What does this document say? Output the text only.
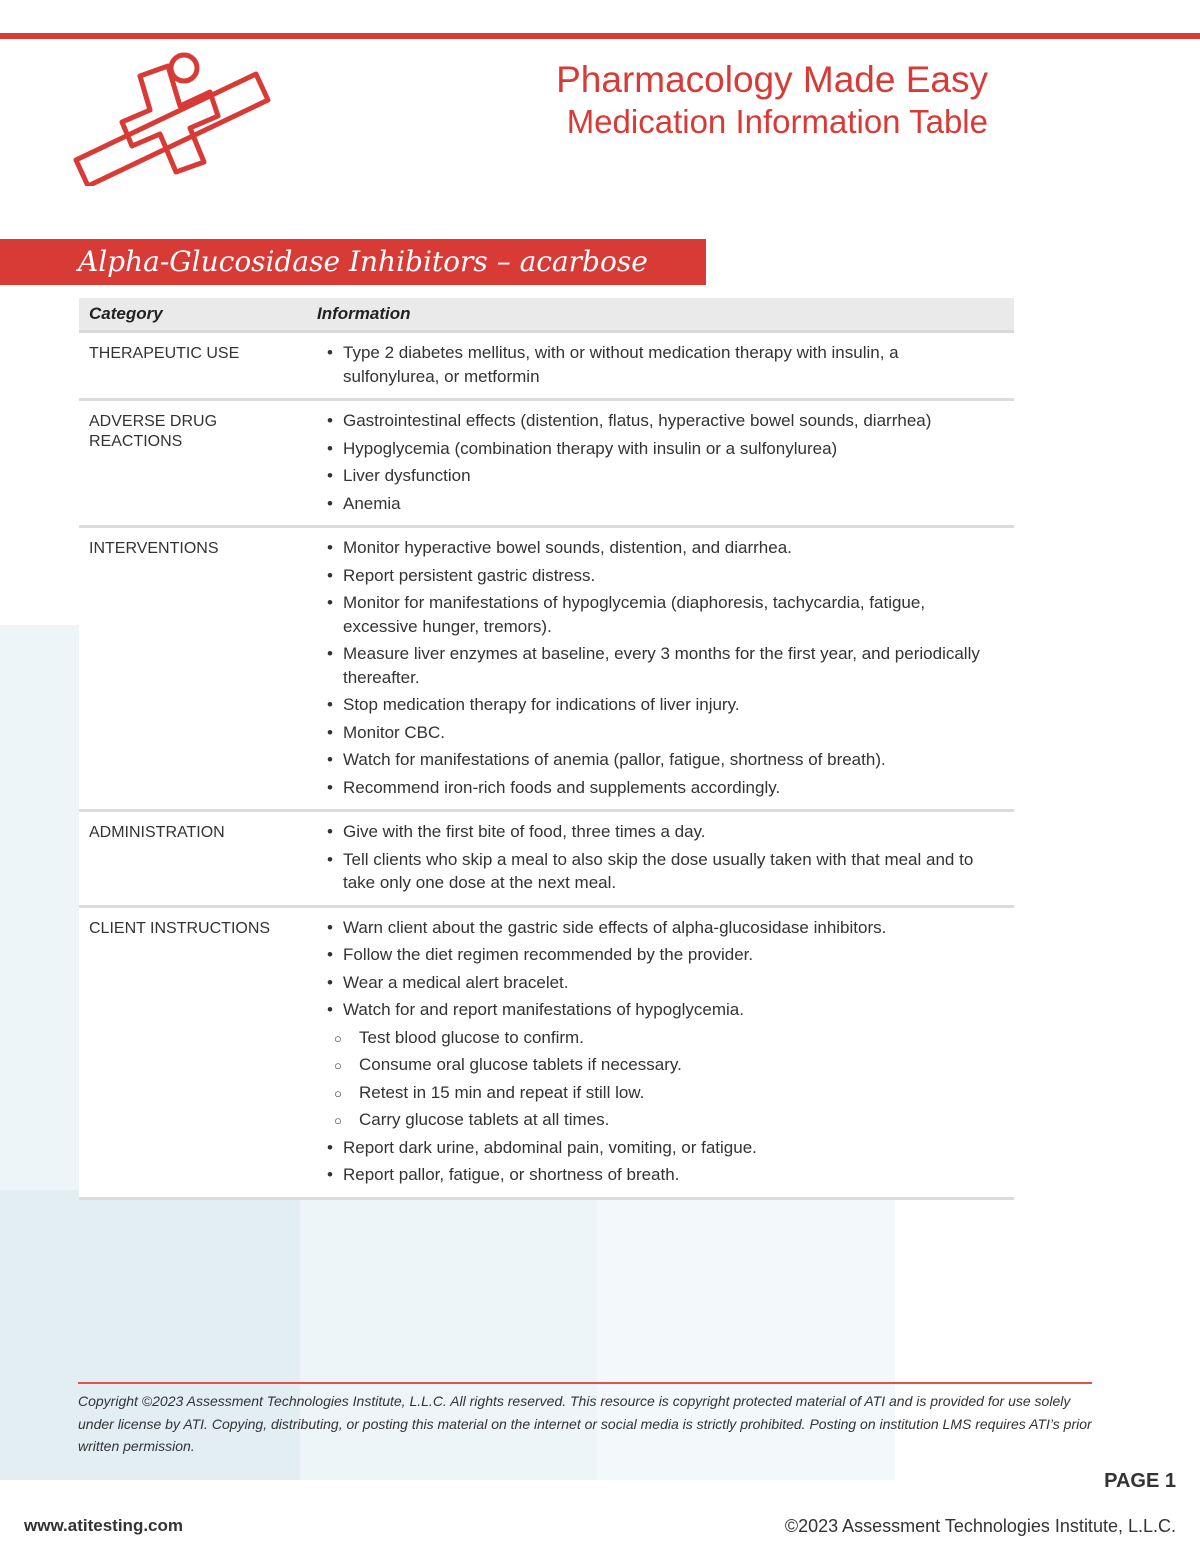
Pharmacology Made Easy
Medication Information Table
Alpha-Glucosidase Inhibitors – acarbose
Category	Information
THERAPEUTIC USE	• Type 2 diabetes mellitus, with or without medication therapy with insulin, a sulfonylurea, or metformin
ADVERSE DRUG REACTIONS
• Gastrointestinal effects (distention, flatus, hyperactive bowel sounds, diarrhea)
• Hypoglycemia (combination therapy with insulin or a sulfonylurea)
• Liver dysfunction
• Anemia
INTERVENTIONS	• Monitor hyperactive bowel sounds, distention, and diarrhea.
• Report persistent gastric distress.
• Monitor for manifestations of hypoglycemia (diaphoresis, tachycardia, fatigue, excessive hunger, tremors).
• Measure liver enzymes at baseline, every 3 months for the first year, and periodically thereafter.
• Stop medication therapy for indications of liver injury.
• Monitor CBC.
• Watch for manifestations of anemia (pallor, fatigue, shortness of breath).
• Recommend iron-rich foods and supplements accordingly.
ADMINISTRATION	• Give with the first bite of food, three times a day.
• Tell clients who skip a meal to also skip the dose usually taken with that meal and to take only one dose at the next meal.
CLIENT INSTRUCTIONS	• Warn client about the gastric side effects of alpha-glucosidase inhibitors.
• Follow the diet regimen recommended by the provider.
• Wear a medical alert bracelet.
• Watch for and report manifestations of hypoglycemia.
○ Test blood glucose to confirm.
○ Consume oral glucose tablets if necessary.
○ Retest in 15 min and repeat if still low.
○ Carry glucose tablets at all times.
• Report dark urine, abdominal pain, vomiting, or fatigue.
• Report pallor, fatigue, or shortness of breath.
Copyright ©2023 Assessment Technologies Institute, L.L.C. All rights reserved. This resource is copyright protected material of ATI and is provided for use solely under license by ATI. Copying, distributing, or posting this material on the internet or social media is strictly prohibited. Posting on institution LMS requires ATI’s prior written permission.
PAGE 1
www.atitesting.com	©2023 Assessment Technologies Institute, L.L.C.
